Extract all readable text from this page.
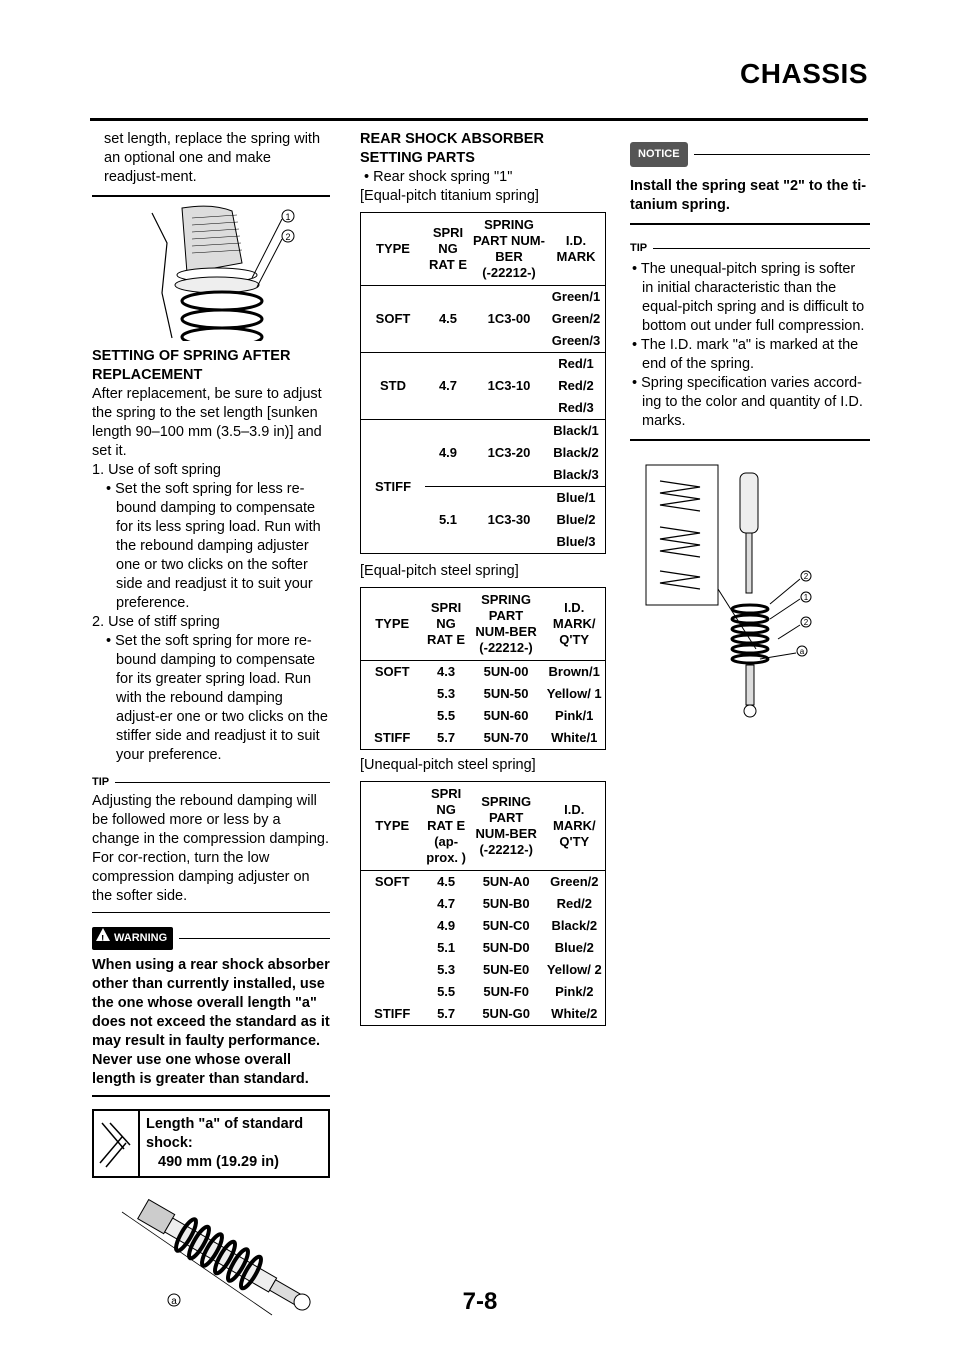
CHASSIS

set length, replace the spring with an optional one and make readjust-ment.

1
2

SETTING OF SPRING AFTER REPLACEMENT

After replacement, be sure to adjust the spring to the set length [sunken length 90–100 mm (3.5–3.9 in)] and set it.

1. Use of soft spring

• Set the soft spring for less re-bound damping to compensate for its less spring load. Run with the rebound damping adjuster one or two clicks on the softer side and readjust it to suit your preference.

2. Use of stiff spring

• Set the soft spring for more re-bound damping to compensate for its greater spring load. Run with the rebound damping adjust-er one or two clicks on the stiffer side and readjust it to suit your preference.

TIP

Adjusting the rebound damping will be followed more or less by a change in the compression damping. For cor-rection, turn the low compression damping adjuster on the softer side.

! WARNING

When using a rear shock absorber other than currently installed, use the one whose overall length "a" does not exceed the standard as it may result in faulty performance. Never use one whose overall length is greater than standard.

Length "a" of standard shock:

490 mm (19.29 in)

a

REAR SHOCK ABSORBER SETTING PARTS

• Rear shock spring "1"

[Equal-pitch titanium spring]

TYPE	SPRI NG RAT E	SPRING PART NUM-BER (-22212-)	I.D. MARK
SOFT	4.5	1C3-00	Green/1
			Green/2
			Green/3
STD	4.7	1C3-10	Red/1
			Red/2
			Red/3
STIFF	4.9	1C3-20	Black/1
			Black/2
			Black/3
	5.1	1C3-30	Blue/1
			Blue/2
			Blue/3

[Equal-pitch steel spring]

TYPE	SPRI NG RAT E	SPRING PART NUM-BER (-22212-)	I.D. MARK/ Q'TY
SOFT	4.3	5UN-00	Brown/1
	5.3	5UN-50	Yellow/ 1
	5.5	5UN-60	Pink/1
STIFF	5.7	5UN-70	White/1

[Unequal-pitch steel spring]

TYPE	SPRI NG RAT E (ap-prox. )	SPRING PART NUM-BER (-22212-)	I.D. MARK/ Q'TY
SOFT	4.5	5UN-A0	Green/2
	4.7	5UN-B0	Red/2
	4.9	5UN-C0	Black/2
	5.1	5UN-D0	Blue/2
	5.3	5UN-E0	Yellow/ 2
	5.5	5UN-F0	Pink/2
STIFF	5.7	5UN-G0	White/2
NOTICE

Install the spring seat "2" to the ti-tanium spring.

TIP

• The unequal-pitch spring is softer in initial characteristic than the equal-pitch spring and is difficult to bottom out under full compression.

• The I.D. mark "a" is marked at the end of the spring.

• Spring specification varies accord-ing to the color and quantity of I.D. marks.

2
1
2
a
7-8
